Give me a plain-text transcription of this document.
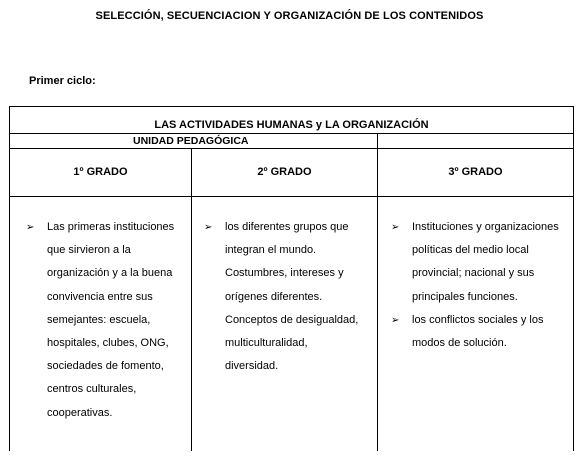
SELECCIÓN, SECUENCIACION Y ORGANIZACIÓN DE LOS CONTENIDOS
Primer ciclo:
LAS ACTIVIDADES HUMANAS y LA ORGANIZACIÓN
UNIDAD PEDAGÓGICA
1º GRADO	2º GRADO	3º GRADO
➢ Las primeras instituciones
que sirvieron a la
organización y a la buena
convivencia entre sus
semejantes: escuela,
hospitales, clubes, ONG,
sociedades de fomento,
centros culturales,
cooperativas.
➢ los diferentes grupos que
integran el mundo.
Costumbres, intereses y
orígenes diferentes.
Conceptos de desigualdad,
multiculturalidad,
diversidad.
➢ Instituciones y organizaciones
políticas del medio local
provincial; nacional y sus
principales funciones.
➢ los conflictos sociales y los
modos de solución.
